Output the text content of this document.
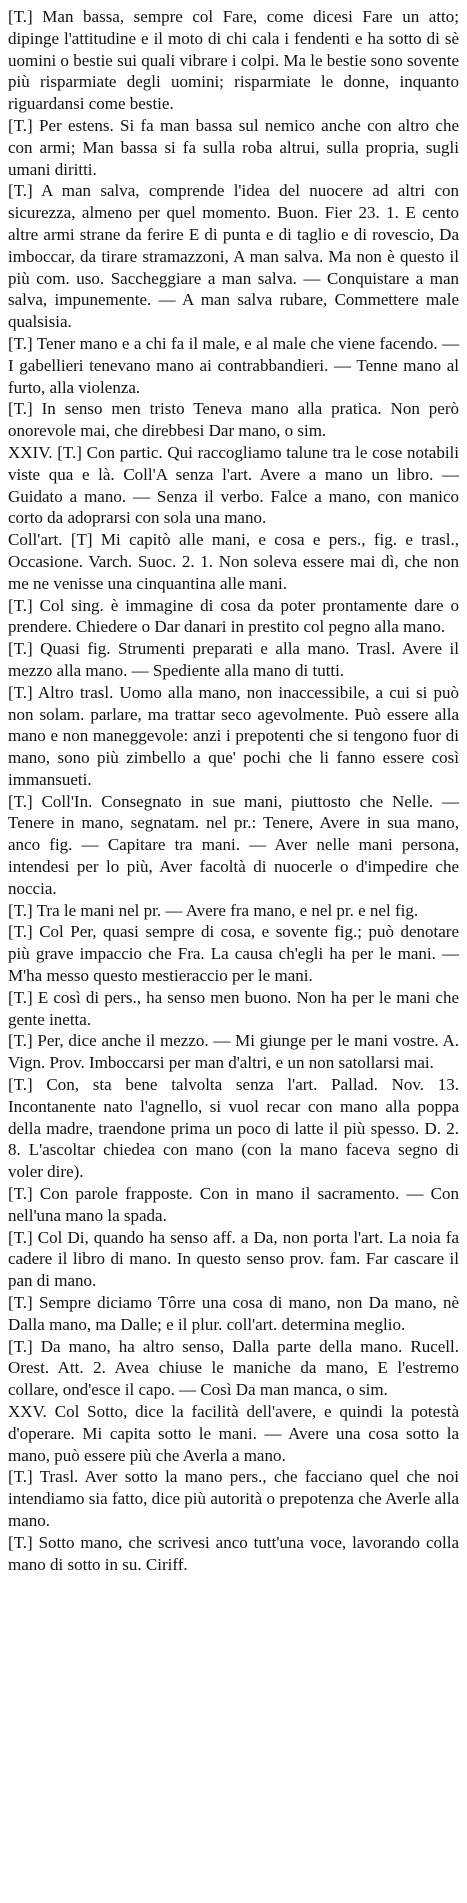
[T.] Man bassa, sempre col Fare, come dicesi Fare un atto; dipinge l'attitudine e il moto di chi cala i fendenti e ha sotto di sè uomini o bestie sui quali vibrare i colpi. Ma le bestie sono sovente più risparmiate degli uomini; risparmiate le donne, inquanto riguardansi come bestie.

[T.] Per estens. Si fa man bassa sul nemico anche con altro che con armi; Man bassa si fa sulla roba altrui, sulla propria, sugli umani diritti.

[T.] A man salva, comprende l'idea del nuocere ad altri con sicurezza, almeno per quel momento. Buon. Fier 23. 1. E cento altre armi strane da ferire E di punta e di taglio e di rovescio, Da imboccar, da tirare stramazzoni, A man salva. Ma non è questo il più com. uso. Saccheggiare a man salva. — Conquistare a man salva, impunemente. — A man salva rubare, Commettere male qualsisia.

[T.] Tener mano e a chi fa il male, e al male che viene facendo. — I gabellieri tenevano mano ai contrabbandieri. — Tenne mano al furto, alla violenza.

[T.] In senso men tristo Teneva mano alla pratica. Non però onorevole mai, che direbbesi Dar mano, o sim.

XXIV. [T.] Con partic. Qui raccogliamo talune tra le cose notabili viste qua e là. Coll'A senza l'art. Avere a mano un libro. — Guidato a mano. — Senza il verbo. Falce a mano, con manico corto da adoprarsi con sola una mano.

Coll'art. [T] Mi capitò alle mani, e cosa e pers., fig. e trasl., Occasione. Varch. Suoc. 2. 1. Non soleva essere mai dì, che non me ne venisse una cinquantina alle mani.

[T.] Col sing. è immagine di cosa da poter prontamente dare o prendere. Chiedere o Dar danari in prestito col pegno alla mano.

[T.] Quasi fig. Strumenti preparati e alla mano. Trasl. Avere il mezzo alla mano. — Spediente alla mano di tutti.

[T.] Altro trasl. Uomo alla mano, non inaccessibile, a cui si può non solam. parlare, ma trattar seco agevolmente. Può essere alla mano e non maneggevole: anzi i prepotenti che si tengono fuor di mano, sono più zimbello a que' pochi che li fanno essere così immansueti.

[T.] Coll'In. Consegnato in sue mani, piuttosto che Nelle. — Tenere in mano, segnatam. nel pr.: Tenere, Avere in sua mano, anco fig. — Capitare tra mani. — Aver nelle mani persona, intendesi per lo più, Aver facoltà di nuocerle o d'impedire che noccia.

[T.] Tra le mani nel pr. — Avere fra mano, e nel pr. e nel fig.

[T.] Col Per, quasi sempre di cosa, e sovente fig.; può denotare più grave impaccio che Fra. La causa ch'egli ha per le mani. — M'ha messo questo mestieraccio per le mani.

[T.] E così di pers., ha senso men buono. Non ha per le mani che gente inetta.

[T.] Per, dice anche il mezzo. — Mi giunge per le mani vostre. A. Vign. Prov. Imboccarsi per man d'altri, e un non satollarsi mai.

[T.] Con, sta bene talvolta senza l'art. Pallad. Nov. 13. Incontanente nato l'agnello, si vuol recar con mano alla poppa della madre, traendone prima un poco di latte il più spesso. D. 2. 8. L'ascoltar chiedea con mano (con la mano faceva segno di voler dire).

[T.] Con parole frapposte. Con in mano il sacramento. — Con nell'una mano la spada.

[T.] Col Di, quando ha senso aff. a Da, non porta l'art. La noia fa cadere il libro di mano. In questo senso prov. fam. Far cascare il pan di mano.

[T.] Sempre diciamo Tôrre una cosa di mano, non Da mano, nè Dalla mano, ma Dalle; e il plur. coll'art. determina meglio.

[T.] Da mano, ha altro senso, Dalla parte della mano. Rucell. Orest. Att. 2. Avea chiuse le maniche da mano, E l'estremo collare, ond'esce il capo. — Così Da man manca, o sim.

XXV. Col Sotto, dice la facilità dell'avere, e quindi la potestà d'operare. Mi capita sotto le mani. — Avere una cosa sotto la mano, può essere più che Averla a mano.

[T.] Trasl. Aver sotto la mano pers., che facciano quel che noi intendiamo sia fatto, dice più autorità o prepotenza che Averle alla mano.

[T.] Sotto mano, che scrivesi anco tutt'una voce, lavorando colla mano di sotto in su. Ciriff.
